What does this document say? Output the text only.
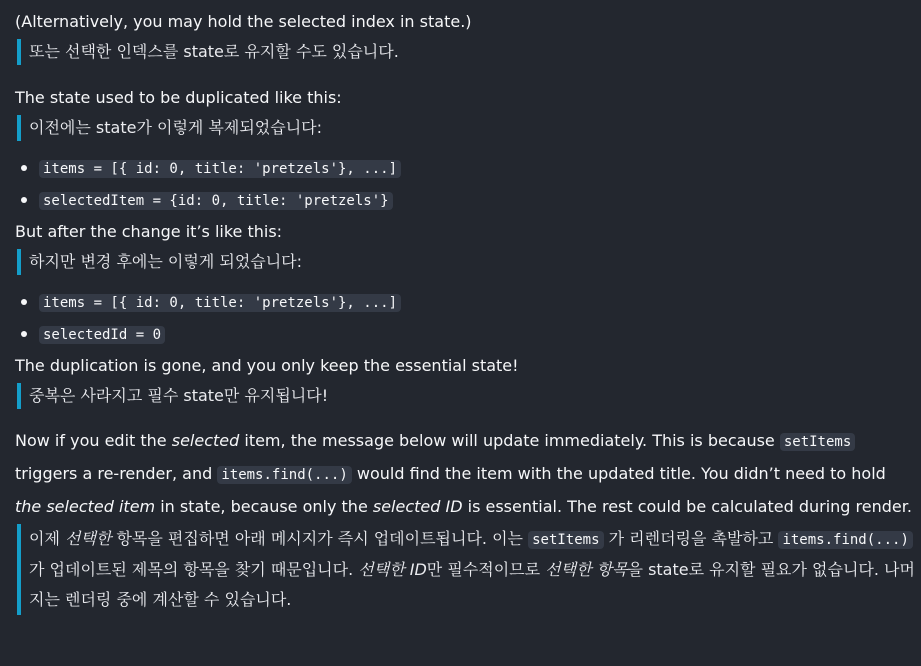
(Alternatively, you may hold the selected index in state.)

또는 선택한 인덱스를 state로 유지할 수도 있습니다.

The state used to be duplicated like this:

이전에는 state가 이렇게 복제되었습니다:

items = [{ id: 0, title: 'pretzels'}, ...]
selectedItem = {id: 0, title: 'pretzels'}

But after the change it’s like this:

하지만 변경 후에는 이렇게 되었습니다:

items = [{ id: 0, title: 'pretzels'}, ...]
selectedId = 0

The duplication is gone, and you only keep the essential state!

중복은 사라지고 필수 state만 유지됩니다!

Now if you edit the selected item, the message below will update immediately. This is because setItems triggers a re-render, and items.find(...) would find the item with the updated title. You didn’t need to hold the selected item in state, because only the selected ID is essential. The rest could be calculated during render.

이제 선택한 항목을 편집하면 아래 메시지가 즉시 업데이트됩니다. 이는 setItems 가 리렌더링을 촉발하고 items.find(...) 가 업데이트된 제목의 항목을 찾기 때문입니다. 선택한 ID만 필수적이므로 선택한 항목을 state로 유지할 필요가 없습니다. 나머지는 렌더링 중에 계산할 수 있습니다.
